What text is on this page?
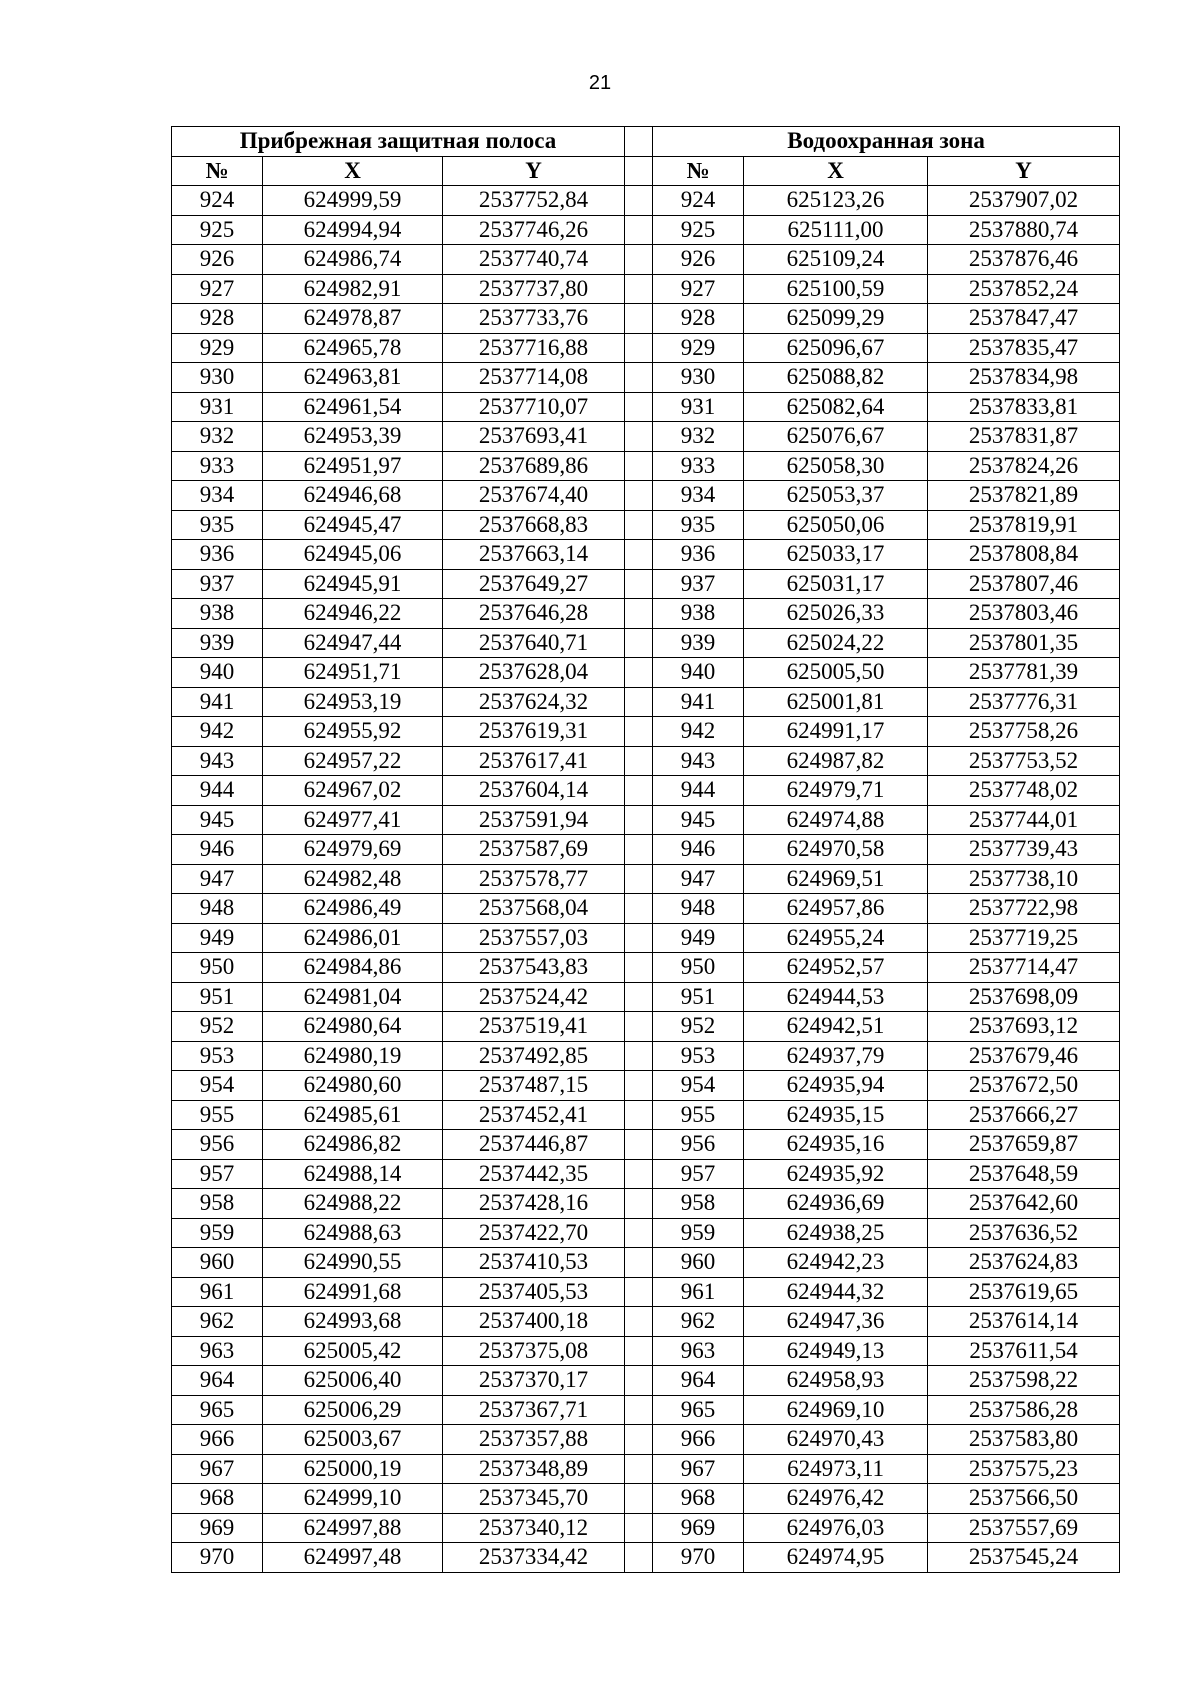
21
Прибрежная защитная полоса				Водоохранная зона		
№	X	Y		№	X	Y
924	624999,59	2537752,84		924	625123,26	2537907,02
925	624994,94	2537746,26		925	625111,00	2537880,74
926	624986,74	2537740,74		926	625109,24	2537876,46
927	624982,91	2537737,80		927	625100,59	2537852,24
928	624978,87	2537733,76		928	625099,29	2537847,47
929	624965,78	2537716,88		929	625096,67	2537835,47
930	624963,81	2537714,08		930	625088,82	2537834,98
931	624961,54	2537710,07		931	625082,64	2537833,81
932	624953,39	2537693,41		932	625076,67	2537831,87
933	624951,97	2537689,86		933	625058,30	2537824,26
934	624946,68	2537674,40		934	625053,37	2537821,89
935	624945,47	2537668,83		935	625050,06	2537819,91
936	624945,06	2537663,14		936	625033,17	2537808,84
937	624945,91	2537649,27		937	625031,17	2537807,46
938	624946,22	2537646,28		938	625026,33	2537803,46
939	624947,44	2537640,71		939	625024,22	2537801,35
940	624951,71	2537628,04		940	625005,50	2537781,39
941	624953,19	2537624,32		941	625001,81	2537776,31
942	624955,92	2537619,31		942	624991,17	2537758,26
943	624957,22	2537617,41		943	624987,82	2537753,52
944	624967,02	2537604,14		944	624979,71	2537748,02
945	624977,41	2537591,94		945	624974,88	2537744,01
946	624979,69	2537587,69		946	624970,58	2537739,43
947	624982,48	2537578,77		947	624969,51	2537738,10
948	624986,49	2537568,04		948	624957,86	2537722,98
949	624986,01	2537557,03		949	624955,24	2537719,25
950	624984,86	2537543,83		950	624952,57	2537714,47
951	624981,04	2537524,42		951	624944,53	2537698,09
952	624980,64	2537519,41		952	624942,51	2537693,12
953	624980,19	2537492,85		953	624937,79	2537679,46
954	624980,60	2537487,15		954	624935,94	2537672,50
955	624985,61	2537452,41		955	624935,15	2537666,27
956	624986,82	2537446,87		956	624935,16	2537659,87
957	624988,14	2537442,35		957	624935,92	2537648,59
958	624988,22	2537428,16		958	624936,69	2537642,60
959	624988,63	2537422,70		959	624938,25	2537636,52
960	624990,55	2537410,53		960	624942,23	2537624,83
961	624991,68	2537405,53		961	624944,32	2537619,65
962	624993,68	2537400,18		962	624947,36	2537614,14
963	625005,42	2537375,08		963	624949,13	2537611,54
964	625006,40	2537370,17		964	624958,93	2537598,22
965	625006,29	2537367,71		965	624969,10	2537586,28
966	625003,67	2537357,88		966	624970,43	2537583,80
967	625000,19	2537348,89		967	624973,11	2537575,23
968	624999,10	2537345,70		968	624976,42	2537566,50
969	624997,88	2537340,12		969	624976,03	2537557,69
970	624997,48	2537334,42		970	624974,95	2537545,24
